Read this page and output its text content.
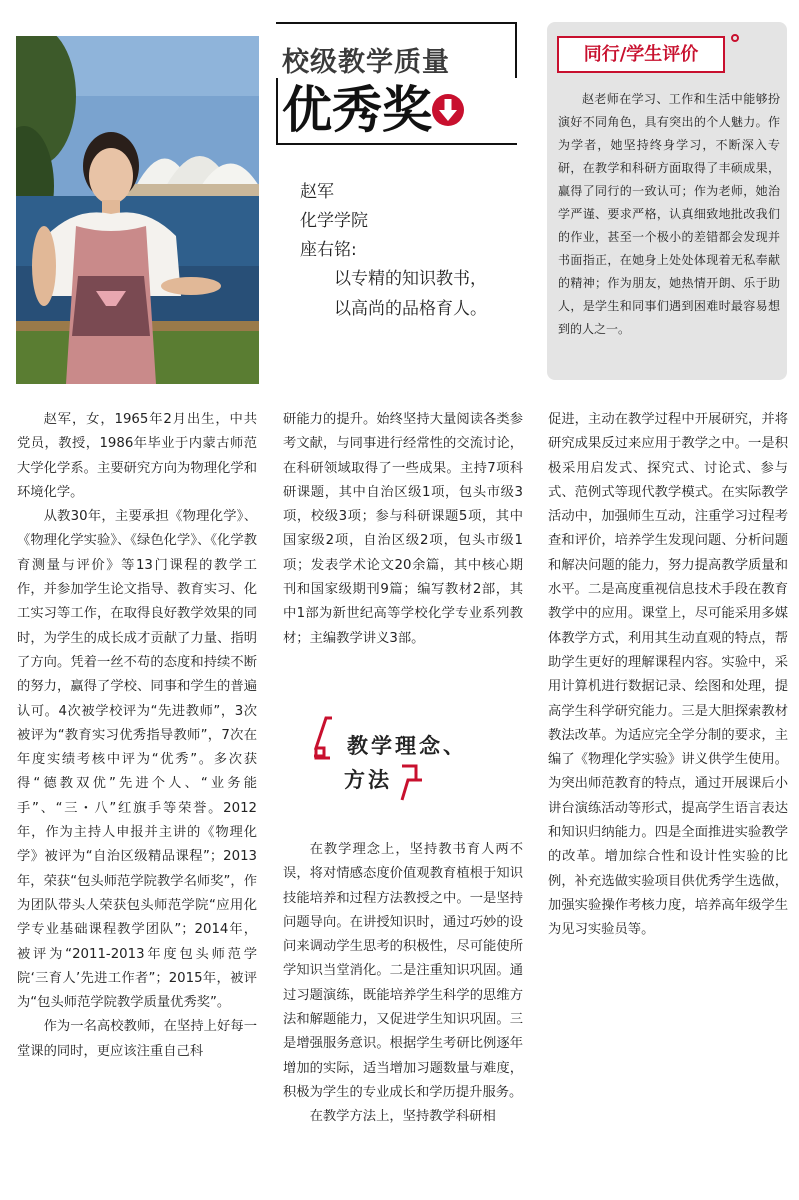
校级教学质量
优秀奖
赵军
化学学院
座右铭:
以专精的知识教书，
以高尚的品格育人。
同行/学生评价
赵老师在学习、工作和生活中能够扮演好不同角色，具有突出的个人魅力。作为学者，她坚持终身学习，不断深入专研，在教学和科研方面取得了丰硕成果，赢得了同行的一致认可；作为老师，她治学严谨、要求严格，认真细致地批改我们的作业，甚至一个极小的差错都会发现并书面指正，在她身上处处体现着无私奉献的精神；作为朋友，她热情开朗、乐于助人，是学生和同事们遇到困难时最容易想到的人之一。

赵军，女，1965年2月出生，中共党员，教授，1986年毕业于内蒙古师范大学化学系。主要研究方向为物理化学和环境化学。

从教30年，主要承担《物理化学》、《物理化学实验》、《绿色化学》、《化学教育测量与评价》等13门课程的教学工作，并参加学生论文指导、教育实习、化工实习等工作，在取得良好教学效果的同时，为学生的成长成才贡献了力量、指明了方向。凭着一丝不苟的态度和持续不断的努力，赢得了学校、同事和学生的普遍认可。4次被学校评为“先进教师”，3次被评为“教育实习优秀指导教师”，7次在年度实绩考核中评为“优秀”。多次获得“德教双优”先进个人、“业务能手”、“三・八”红旗手等荣誉。2012年，作为主持人申报并主讲的《物理化学》被评为“自治区级精品课程”；2013年，荣获“包头师范学院教学名师奖”，作为团队带头人荣获包头师范学院“应用化学专业基础课程教学团队”；2014年，被评为“2011-2013年度包头师范学院‘三育人’先进工作者”；2015年，被评为“包头师范学院教学质量优秀奖”。

作为一名高校教师，在坚持上好每一堂课的同时，更应该注重自己科

研能力的提升。始终坚持大量阅读各类参考文献，与同事进行经常性的交流讨论，在科研领域取得了一些成果。主持7项科研课题，其中自治区级1项，包头市级3项，校级3项；参与科研课题5项，其中国家级2项，自治区级2项，包头市级1项；发表学术论文20余篇，其中核心期刊和国家级期刊9篇；编写教材2部，其中1部为新世纪高等学校化学专业系列教材；主编教学讲义3部。

教学理念、
方法

在教学理念上，坚持教书育人两不误，将对情感态度价值观教育植根于知识技能培养和过程方法教授之中。一是坚持问题导向。在讲授知识时，通过巧妙的设问来调动学生思考的积极性，尽可能使所学知识当堂消化。二是注重知识巩固。通过习题演练，既能培养学生科学的思维方法和解题能力，又促进学生知识巩固。三是增强服务意识。根据学生考研比例逐年增加的实际，适当增加习题数量与难度，积极为学生的专业成长和学历提升服务。

在教学方法上，坚持教学科研相

促进，主动在教学过程中开展研究，并将研究成果反过来应用于教学之中。一是积极采用启发式、探究式、讨论式、参与式、范例式等现代教学模式。在实际教学活动中，加强师生互动，注重学习过程考查和评价，培养学生发现问题、分析问题和解决问题的能力，努力提高教学质量和水平。二是高度重视信息技术手段在教育教学中的应用。课堂上，尽可能采用多媒体教学方式，利用其生动直观的特点，帮助学生更好的理解课程内容。实验中，采用计算机进行数据记录、绘图和处理，提高学生科学研究能力。三是大胆探索教材教法改革。为适应完全学分制的要求，主编了《物理化学实验》讲义供学生使用。为突出师范教育的特点，通过开展课后小讲台演练活动等形式，提高学生语言表达和知识归纳能力。四是全面推进实验教学的改革。增加综合性和设计性实验的比例，补充选做实验项目供优秀学生选做，加强实验操作考核力度，培养高年级学生为见习实验员等。
